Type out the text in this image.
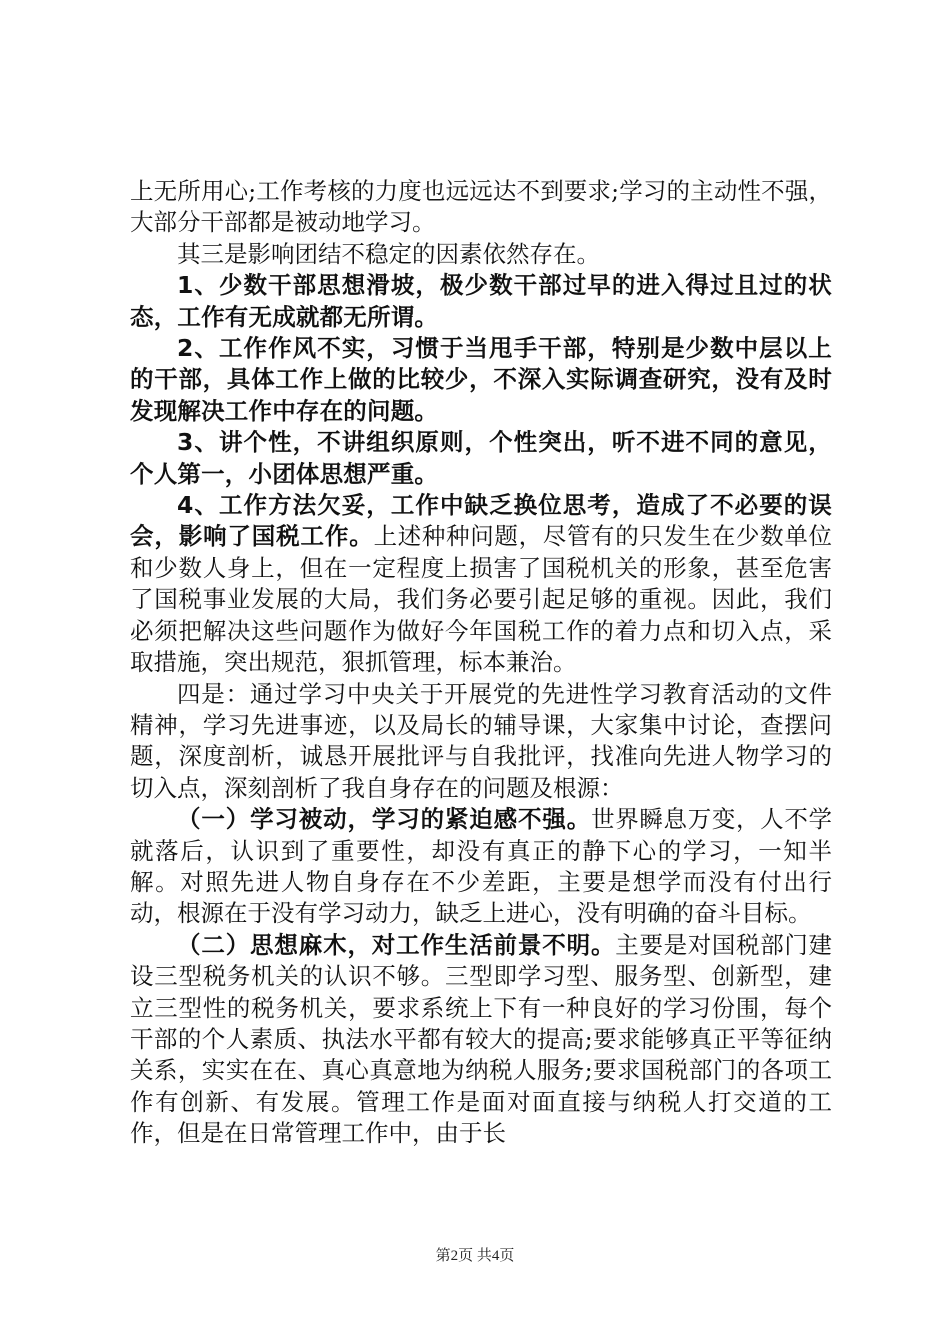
上无所用心;工作考核的力度也远远达不到要求;学习的主动性不强，大部分干部都是被动地学习。

其三是影响团结不稳定的因素依然存在。

1、少数干部思想滑坡，极少数干部过早的进入得过且过的状态，工作有无成就都无所谓。

2、工作作风不实，习惯于当甩手干部，特别是少数中层以上的干部，具体工作上做的比较少，不深入实际调查研究，没有及时发现解决工作中存在的问题。

3、讲个性，不讲组织原则，个性突出，听不进不同的意见，个人第一，小团体思想严重。

4、工作方法欠妥，工作中缺乏换位思考，造成了不必要的误会，影响了国税工作。上述种种问题，尽管有的只发生在少数单位和少数人身上，但在一定程度上损害了国税机关的形象，甚至危害了国税事业发展的大局，我们务必要引起足够的重视。因此，我们必须把解决这些问题作为做好今年国税工作的着力点和切入点，采取措施，突出规范，狠抓管理，标本兼治。

四是：通过学习中央关于开展党的先进性学习教育活动的文件精神，学习先进事迹，以及局长的辅导课，大家集中讨论，查摆问题，深度剖析，诚恳开展批评与自我批评，找准向先进人物学习的切入点，深刻剖析了我自身存在的问题及根源：

（一）学习被动，学习的紧迫感不强。世界瞬息万变，人不学就落后，认识到了重要性，却没有真正的静下心的学习，一知半解。对照先进人物自身存在不少差距，主要是想学而没有付出行动，根源在于没有学习动力，缺乏上进心，没有明确的奋斗目标。

（二）思想麻木，对工作生活前景不明。主要是对国税部门建设三型税务机关的认识不够。三型即学习型、服务型、创新型，建立三型性的税务机关，要求系统上下有一种良好的学习份围，每个干部的个人素质、执法水平都有较大的提高;要求能够真正平等征纳关系，实实在在、真心真意地为纳税人服务;要求国税部门的各项工作有创新、有发展。管理工作是面对面直接与纳税人打交道的工作，但是在日常管理工作中，由于长

第2页 共4页
